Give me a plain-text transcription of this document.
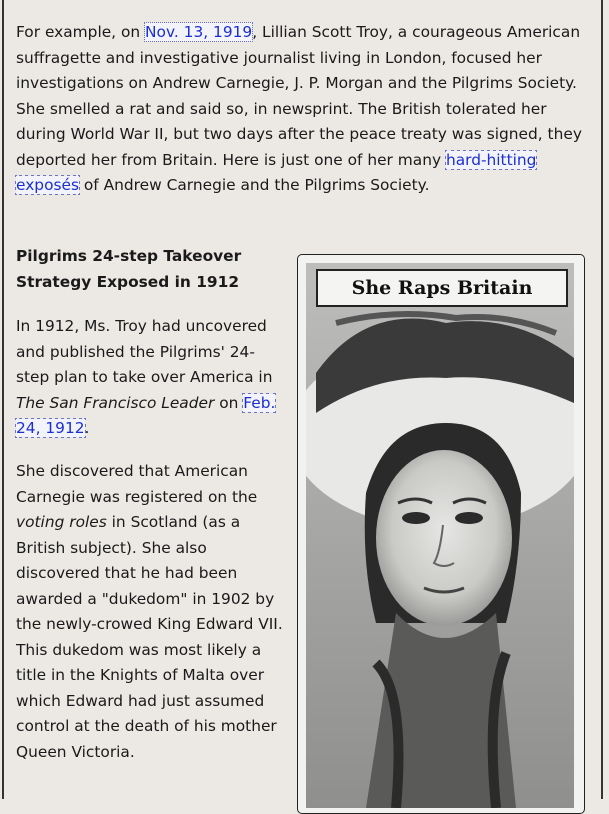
For example, on Nov. 13, 1919, Lillian Scott Troy, a courageous American suffragette and investigative journalist living in London, focused her investigations on Andrew Carnegie, J. P. Morgan and the Pilgrims Society. She smelled a rat and said so, in newsprint. The British tolerated her during World War II, but two days after the peace treaty was signed, they deported her from Britain. Here is just one of her many hard-hitting exposés of Andrew Carnegie and the Pilgrims Society.

Pilgrims 24-step Takeover Strategy Exposed in 1912

In 1912, Ms. Troy had uncovered and published the Pilgrims' 24-step plan to take over America in The San Francisco Leader on Feb. 24, 1912.

She discovered that American Carnegie was registered on the voting roles in Scotland (as a British subject). She also discovered that he had been awarded a "dukedom" in 1902 by the newly-crowed King Edward VII. This dukedom was most likely a title in the Knights of Malta over which Edward had just assumed control at the death of his mother Queen Victoria.

She Raps Britain
